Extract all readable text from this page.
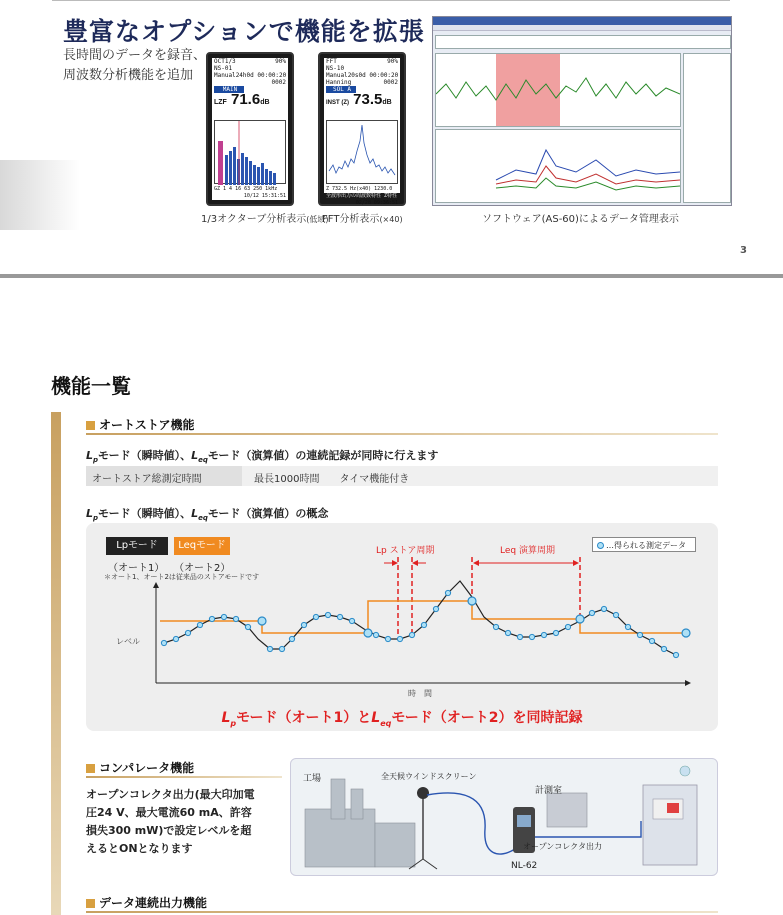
豊富なオプションで機能を拡張
長時間のデータを録音、
周波数分析機能を追加
OCT1/3	90%
NS-01
Manual 24h 0d 00:00:20
0002
MAIN
LZF 71.6dB
GZ 1 4 16 63 250 1kHz
10/12 15:31:51
FFT	90%
NS-10
Manual 20s 0d 00:00:20
Hanning	0002
SOL A
INST (Z) 73.5dB
Z 732.5 Hz(x40) 1230.0
全波形出力の周波数特性 Z特性
02/28 09:36:51
1/3オクターブ分析表示(低域)
FFT分析表示(×40)	ソフトウェア(AS-60)によるデータ管理表示
3
機能一覧
オートストア機能
$L_p$モード（瞬時値）、$L_{eq}$モード（演算値）の連続記録が同時に行えます
オートストア総測定時間	最長1000時間　　タイマ機能付き
$L_p$モード（瞬時値）、$L_{eq}$モード（演算値）の概念
Lpモード	Leqモード
（オート1） （オート2）
＊オート1、オート2は従来品のストアモードです
…得られる測定データ
Lp ストア周期	Leq 演算周期
レベル
時間
$L_p$モード（オート1）と$L_{eq}$モード（オート2）を同時記録
コンパレータ機能
オープンコレクタ出力(最大印加電
圧24 V、最大電流60 mA、許容
損失300 mW)で設定レベルを超
えるとONとなります
工場	全天候ウインドスクリーン
計測室
オープンコレクタ出力
NL-62
データ連続出力機能
